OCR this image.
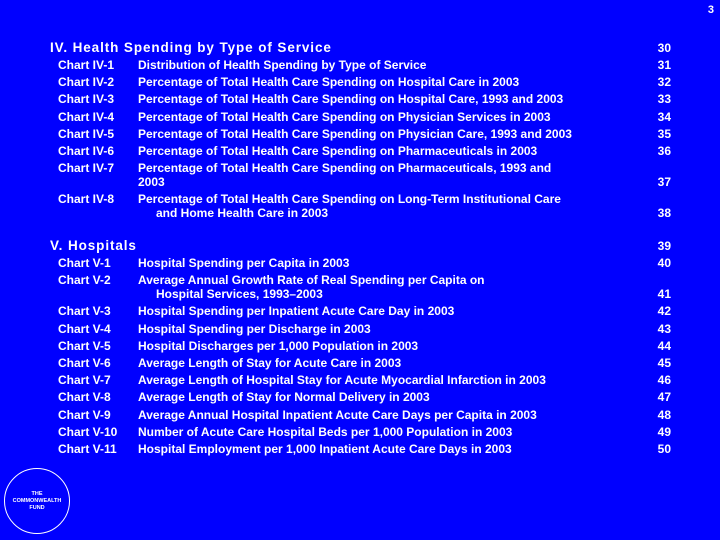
3
IV. Health Spending by Type of Service	30
Chart IV-1 Distribution of Health Spending by Type of Service	31
Chart IV-2 Percentage of Total Health Care Spending on Hospital Care in 2003	32
Chart IV-3 Percentage of Total Health Care Spending on Hospital Care, 1993 and 2003	33
Chart IV-4 Percentage of Total Health Care Spending on Physician Services in 2003	34
Chart IV-5 Percentage of Total Health Care Spending on Physician Care, 1993 and 2003	35
Chart IV-6 Percentage of Total Health Care Spending on Pharmaceuticals in 2003	36
Chart IV-7 Percentage of Total Health Care Spending on Pharmaceuticals, 1993 and 2003	37
Chart IV-8 Percentage of Total Health Care Spending on Long-Term Institutional Care
and Home Health Care in 2003	38
V. Hospitals	39
Chart V-1 Hospital Spending per Capita in 2003	40
Chart V-2 Average Annual Growth Rate of Real Spending per Capita on
Hospital Services, 1993–2003	41
Chart V-3 Hospital Spending per Inpatient Acute Care Day in 2003	42
Chart V-4 Hospital Spending per Discharge in 2003	43
Chart V-5 Hospital Discharges per 1,000 Population in 2003	44
Chart V-6 Average Length of Stay for Acute Care in 2003	45
Chart V-7 Average Length of Hospital Stay for Acute Myocardial Infarction in 2003	46
Chart V-8 Average Length of Stay for Normal Delivery in 2003	47
Chart V-9 Average Annual Hospital Inpatient Acute Care Days per Capita in 2003	48
Chart V-10 Number of Acute Care Hospital Beds per 1,000 Population in 2003	49
Chart V-11 Hospital Employment per 1,000 Inpatient Acute Care Days in 2003	50
THE
COMMONWEALTH
FUND
